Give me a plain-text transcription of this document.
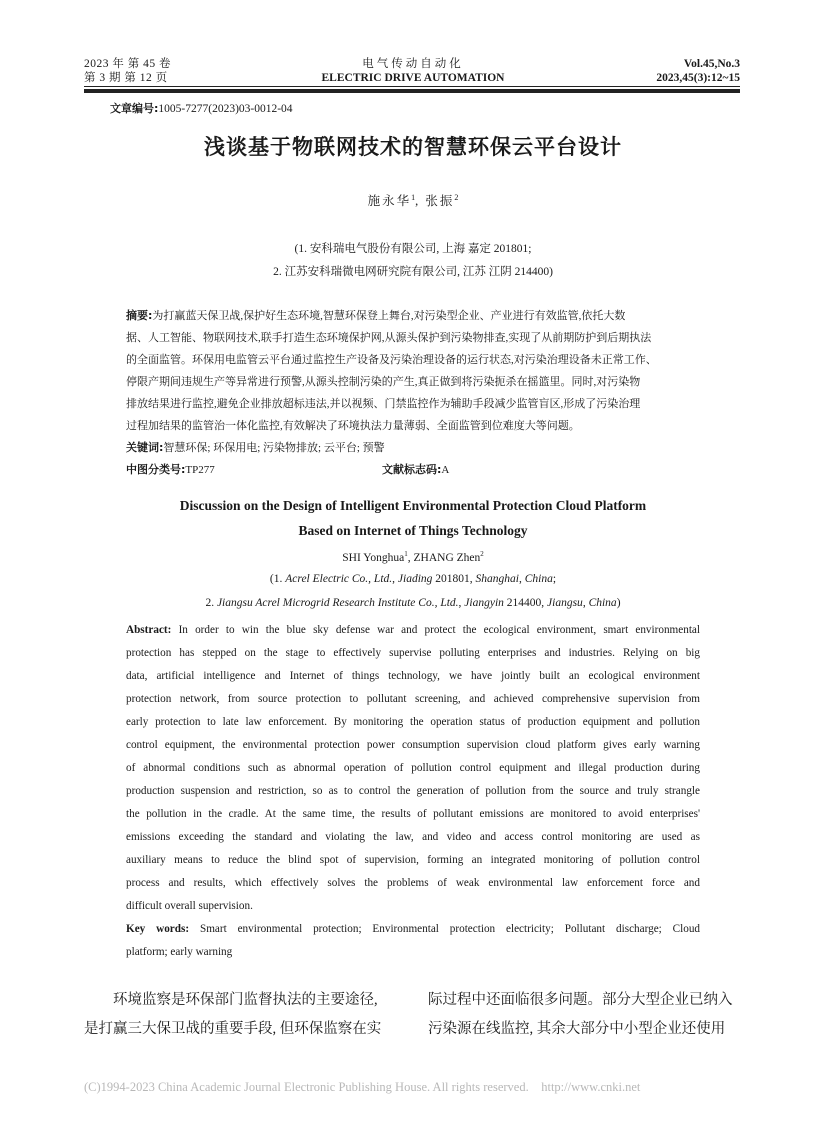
2023 年 第 45 卷
第 3 期 第 12 页
电气传动自动化
ELECTRIC DRIVE AUTOMATION
Vol.45,No.3
2023,45(3):12~15
文章编号:1005-7277(2023)03-0012-04
浅谈基于物联网技术的智慧环保云平台设计
施永华$^1$, 张振$^2$
(1. 安科瑞电气股份有限公司, 上海 嘉定 201801;
2. 江苏安科瑞微电网研究院有限公司, 江苏 江阴 214400)
摘要:为打赢蓝天保卫战,保护好生态环境,智慧环保登上舞台,对污染型企业、产业进行有效监管,依托大数
据、人工智能、物联网技术,联手打造生态环境保护网,从源头保护到污染物排查,实现了从前期防护到后期执法
的全面监管。环保用电监管云平台通过监控生产设备及污染治理设备的运行状态,对污染治理设备未正常工作、
停限产期间违规生产等异常进行预警,从源头控制污染的产生,真正做到将污染扼杀在摇篮里。同时,对污染物
排放结果进行监控,避免企业排放超标违法,并以视频、门禁监控作为辅助手段减少监管盲区,形成了污染治理
过程加结果的监管治一体化监控,有效解决了环境执法力量薄弱、全面监管到位难度大等问题。
关键词:智慧环保; 环保用电; 污染物排放; 云平台; 预警
中图分类号:TP277	文献标志码:A
Discussion on the Design of Intelligent Environmental Protection Cloud Platform
Based on Internet of Things Technology
SHI Yonghua$^1$, ZHANG Zhen$^2$
(1. Acrel Electric Co., Ltd., Jiading 201801, Shanghai, China;
2. Jiangsu Acrel Microgrid Research Institute Co., Ltd., Jiangyin 214400, Jiangsu, China)
Abstract: In order to win the blue sky defense war and protect the ecological environment, smart environmental
protection has stepped on the stage to effectively supervise polluting enterprises and industries. Relying on big
data, artificial intelligence and Internet of things technology, we have jointly built an ecological environment
protection network, from source protection to pollutant screening, and achieved comprehensive supervision from
early protection to late law enforcement. By monitoring the operation status of production equipment and pollution
control equipment, the environmental protection power consumption supervision cloud platform gives early warning
of abnormal conditions such as abnormal operation of pollution control equipment and illegal production during
production suspension and restriction, so as to control the generation of pollution from the source and truly strangle
the pollution in the cradle. At the same time, the results of pollutant emissions are monitored to avoid enterprises'
emissions exceeding the standard and violating the law, and video and access control monitoring are used as
auxiliary means to reduce the blind spot of supervision, forming an integrated monitoring of pollution control
process and results, which effectively solves the problems of weak environmental law enforcement force and
difficult overall supervision.
Key words: Smart environmental protection; Environmental protection electricity; Pollutant discharge; Cloud
platform; early warning
环境监察是环保部门监督执法的主要途径,
是打赢三大保卫战的重要手段, 但环保监察在实
际过程中还面临很多问题。部分大型企业已纳入
污染源在线监控, 其余大部分中小型企业还使用
(C)1994-2023 China Academic Journal Electronic Publishing House. All rights reserved. http://www.cnki.net
